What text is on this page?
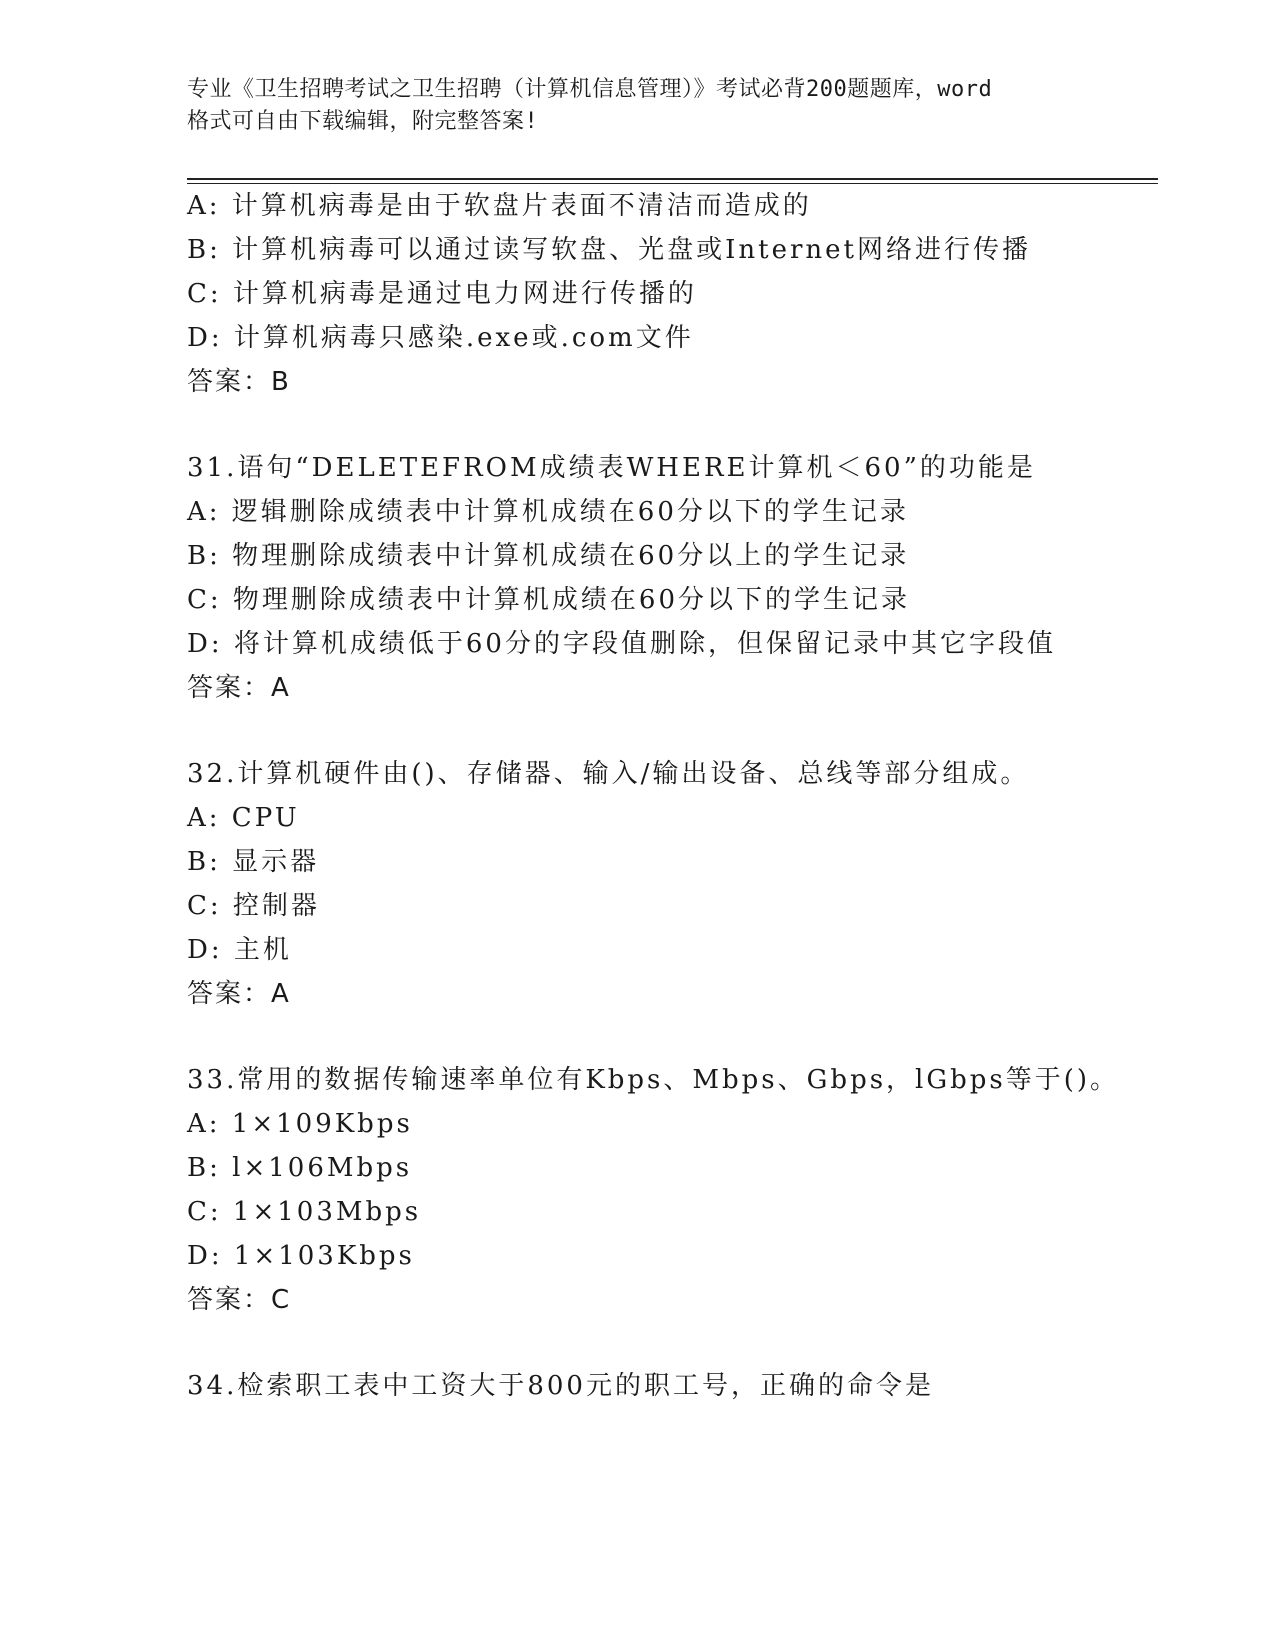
专业《卫生招聘考试之卫生招聘（计算机信息管理）》考试必背200题题库，word
格式可自由下载编辑，附完整答案!
A: 计算机病毒是由于软盘片表面不清洁而造成的
B: 计算机病毒可以通过读写软盘、光盘或Internet网络进行传播
C: 计算机病毒是通过电力网进行传播的
D: 计算机病毒只感染.exe或.com文件
答案：B
31.语句“DELETEFROM成绩表WHERE计算机＜60”的功能是
A: 逻辑删除成绩表中计算机成绩在60分以下的学生记录
B: 物理删除成绩表中计算机成绩在60分以上的学生记录
C: 物理删除成绩表中计算机成绩在60分以下的学生记录
D: 将计算机成绩低于60分的字段值删除，但保留记录中其它字段值
答案：A
32.计算机硬件由()、存储器、输入/输出设备、总线等部分组成。
A: CPU
B: 显示器
C: 控制器
D: 主机
答案：A
33.常用的数据传输速率单位有Kbps、Mbps、Gbps，lGbps等于()。
A: 1×109Kbps
B: l×106Mbps
C: 1×103Mbps
D: 1×103Kbps
答案：C
34.检索职工表中工资大于800元的职工号，正确的命令是
